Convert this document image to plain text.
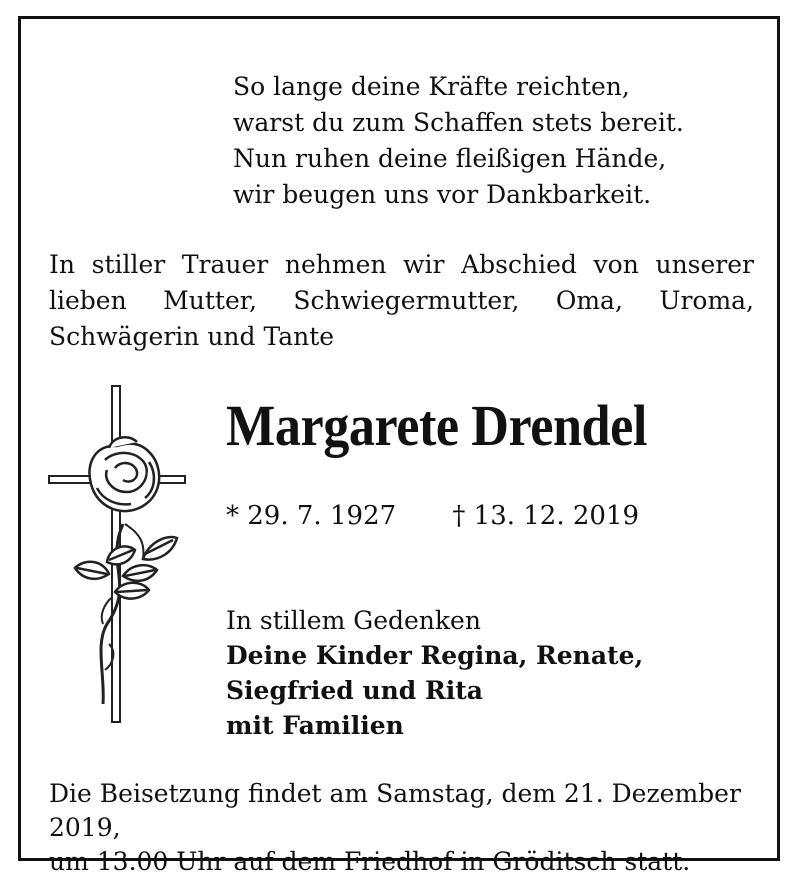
So lange deine Kräfte reichten,
warst du zum Schaffen stets bereit.
Nun ruhen deine fleißigen Hände,
wir beugen uns vor Dankbarkeit.
In stiller Trauer nehmen wir Abschied von unserer lieben Mutter, Schwiegermutter, Oma, Uroma, Schwägerin und Tante
Margarete Drendel
* 29. 7. 1927 † 13. 12. 2019
In stillem Gedenken
Deine Kinder Regina, Renate,
Siegfried und Rita
mit Familien
Die Beisetzung findet am Samstag, dem 21. Dezember 2019,
um 13.00 Uhr auf dem Friedhof in Gröditsch statt.
